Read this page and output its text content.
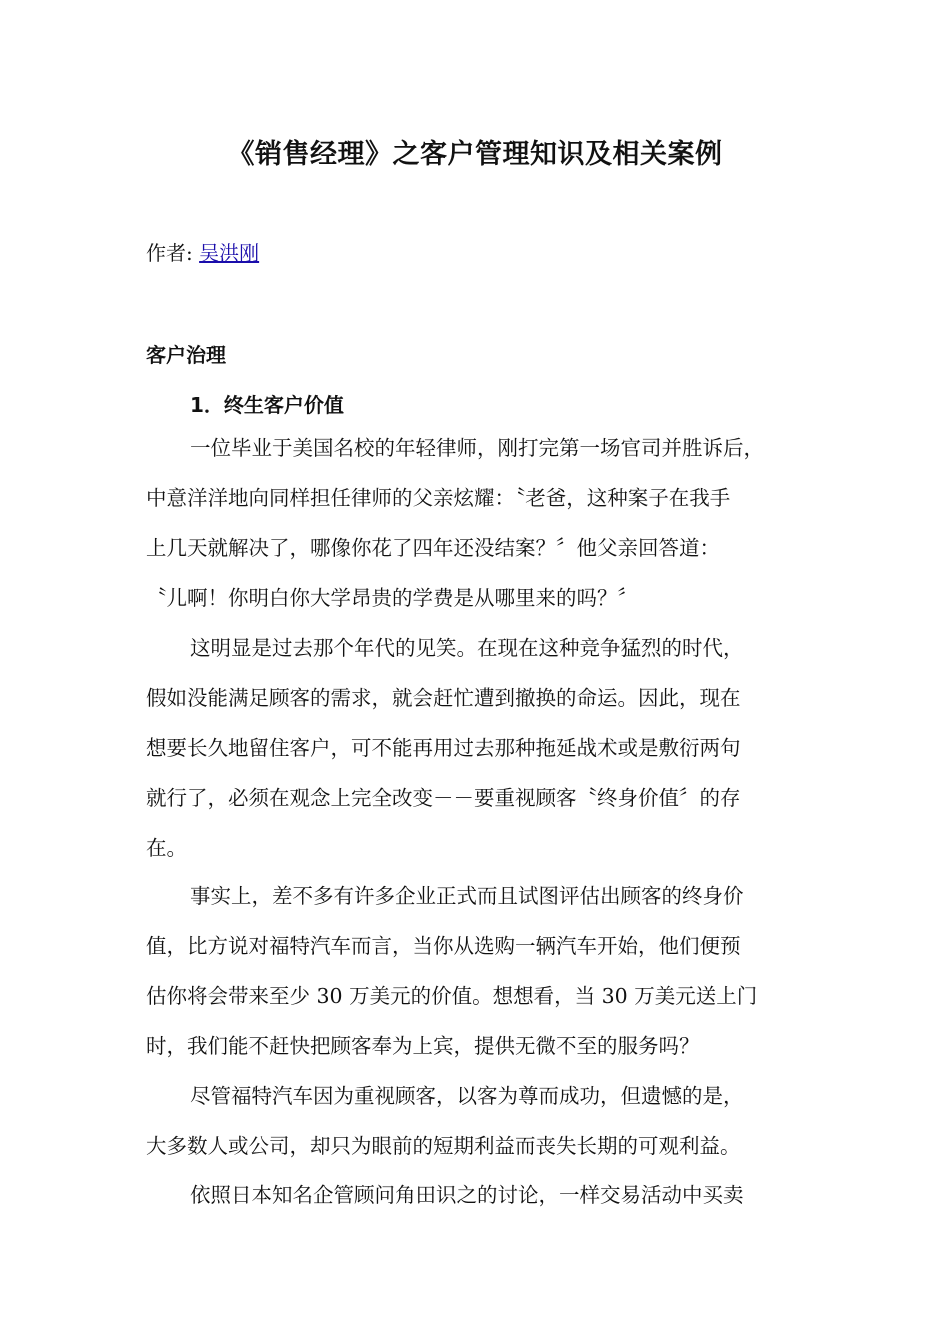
《销售经理》之客户管理知识及相关案例
作者: 吴洪刚
客户治理
1．终生客户价值
一位毕业于美国名校的年轻律师，刚打完第一场官司并胜诉后，
中意洋洋地向同样担任律师的父亲炫耀：〝老爸，这种案子在我手
上几天就解决了，哪像你花了四年还没结案？〞他父亲回答道：
〝儿啊！你明白你大学昂贵的学费是从哪里来的吗？〞
这明显是过去那个年代的见笑。在现在这种竞争猛烈的时代，
假如没能满足顾客的需求，就会赶忙遭到撤换的命运。因此，现在
想要长久地留住客户，可不能再用过去那种拖延战术或是敷衍两句
就行了，必须在观念上完全改变－－要重视顾客〝终身价值〞的存
在。
事实上，差不多有许多企业正式而且试图评估出顾客的终身价
值，比方说对福特汽车而言，当你从选购一辆汽车开始，他们便预
估你将会带来至少 30 万美元的价值。想想看，当 30 万美元送上门
时，我们能不赶快把顾客奉为上宾，提供无微不至的服务吗？
尽管福特汽车因为重视顾客，以客为尊而成功，但遗憾的是，
大多数人或公司，却只为眼前的短期利益而丧失长期的可观利益。
依照日本知名企管顾问角田识之的讨论，一样交易活动中买卖
